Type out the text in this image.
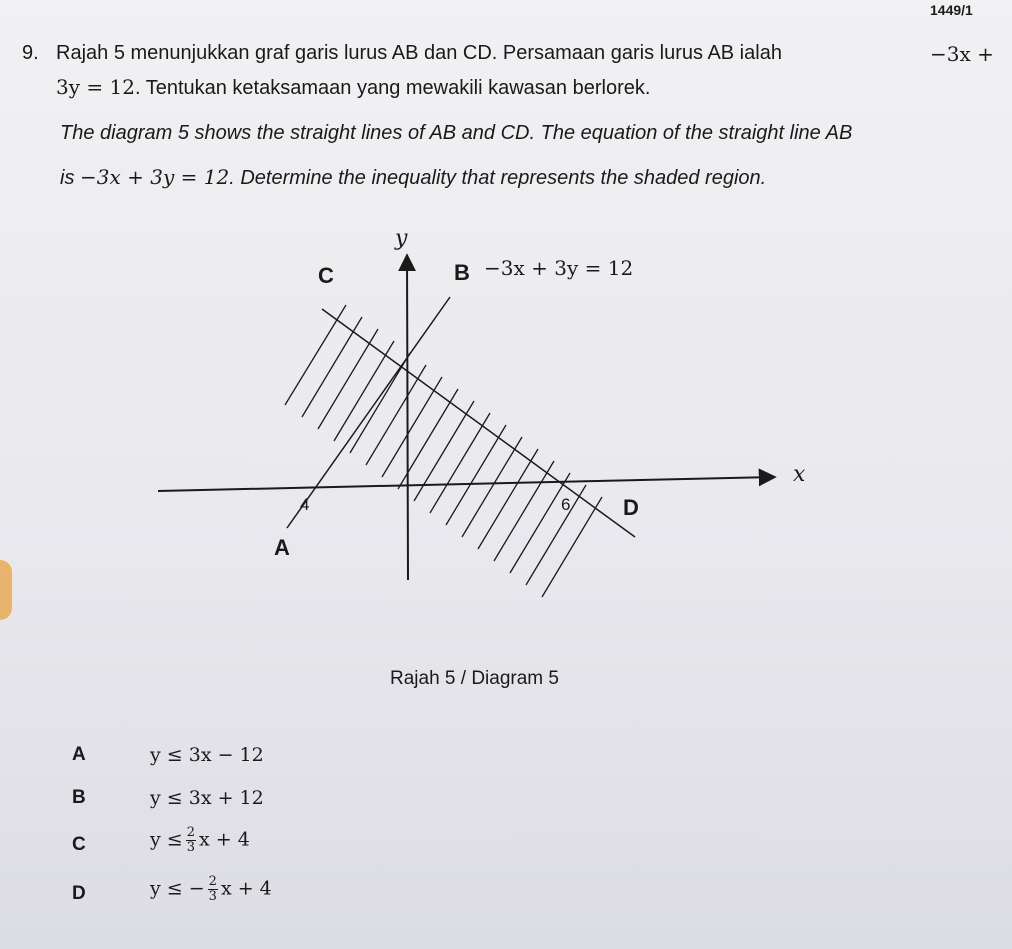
1449/1
9. Rajah 5 menunjukkan graf garis lurus AB dan CD. Persamaan garis lurus AB ialah	−3x +
3y = 12. Tentukan ketaksamaan yang mewakili kawasan berlorek.
The diagram 5 shows the straight lines of AB and CD. The equation of the straight line AB
is −3x + 3y = 12. Determine the inequality that represents the shaded region.
y
x
C	B −3x + 3y = 12
4	6 D
A
Rajah 5 / Diagram 5
A	y ≤ 3x − 12
B	y ≤ 3x + 12
C	$y \le \frac{2}{3}$ x + 4
D	y ≤ − $\frac{2}{3}$ x + 4
